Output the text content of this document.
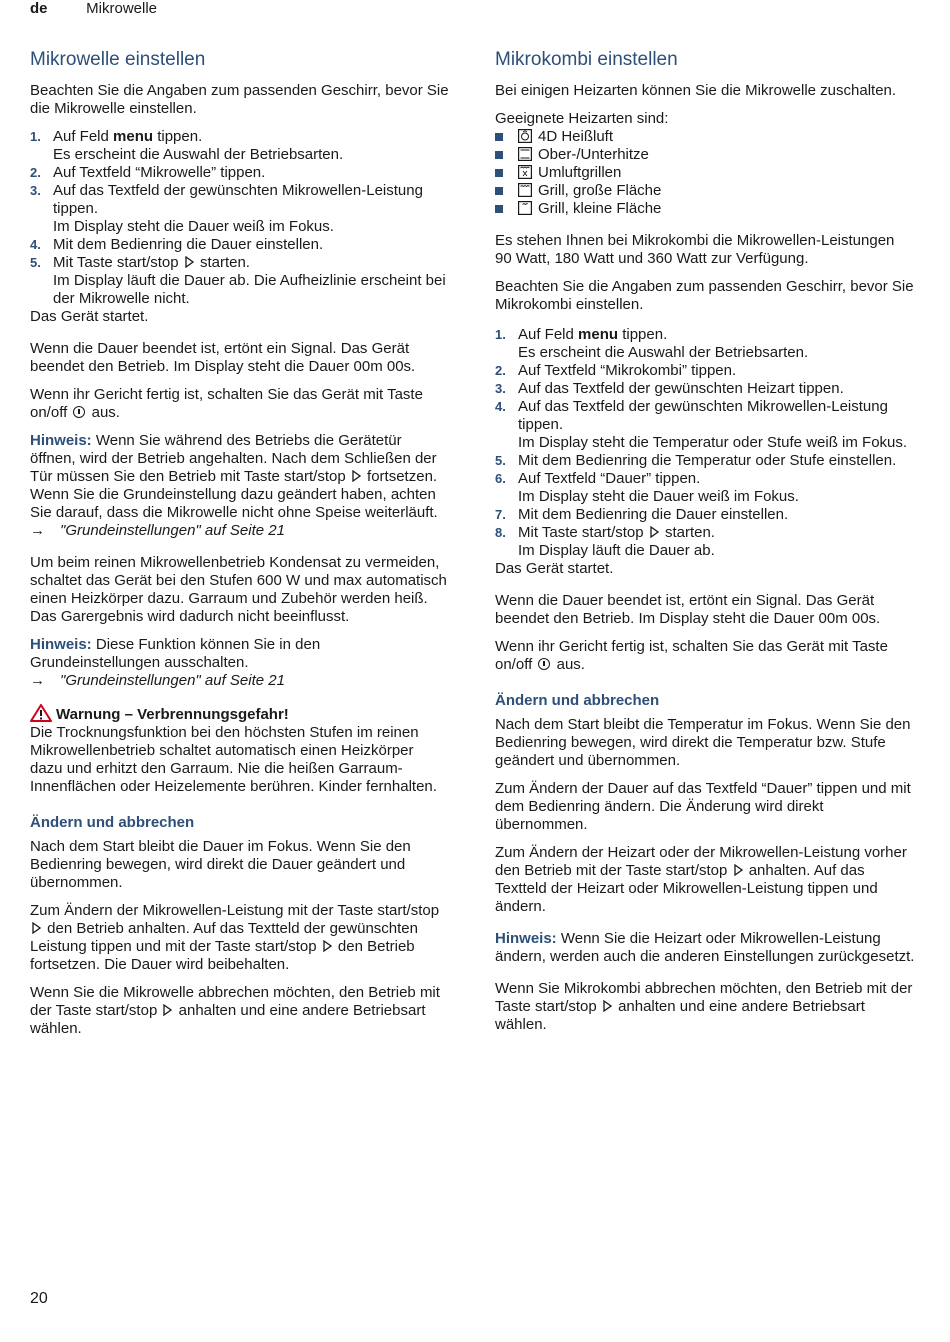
de	Mikrowelle
Mikrowelle einstellen

Beachten Sie die Angaben zum passenden Geschirr, bevor Sie die Mikrowelle einstellen.

1. Auf Feld menu tippen.
Es erscheint die Auswahl der Betriebsarten.
2. Auf Textfeld “Mikrowelle” tippen.
3. Auf das Textfeld der gewünschten Mikrowellen-Leistung tippen.
Im Display steht die Dauer weiß im Fokus.
4. Mit dem Bedienring die Dauer einstellen.
5. Mit Taste start/stop starten.
Im Display läuft die Dauer ab. Die Aufheizlinie erscheint bei der Mikrowelle nicht.

Das Gerät startet.

Wenn die Dauer beendet ist, ertönt ein Signal. Das Gerät beendet den Betrieb. Im Display steht die Dauer 00m 00s.

Wenn ihr Gericht fertig ist, schalten Sie das Gerät mit Taste on/off aus.

Hinweis: Wenn Sie während des Betriebs die Gerätetür öffnen, wird der Betrieb angehalten. Nach dem Schließen der Tür müssen Sie den Betrieb mit Taste start/stop fortsetzen.
Wenn Sie die Grundeinstellung dazu geändert haben, achten Sie darauf, dass die Mikrowelle nicht ohne Speise weiterläuft. → "Grundeinstellungen" auf Seite 21

Um beim reinen Mikrowellenbetrieb Kondensat zu vermeiden, schaltet das Gerät bei den Stufen 600 W und max automatisch einen Heizkörper dazu. Garraum und Zubehör werden heiß. Das Garergebnis wird dadurch nicht beeinflusst.

Hinweis: Diese Funktion können Sie in den Grundeinstellungen ausschalten.
→ "Grundeinstellungen" auf Seite 21

Warnung – Verbrennungsgefahr!

Die Trocknungsfunktion bei den höchsten Stufen im reinen Mikrowellenbetrieb schaltet automatisch einen Heizkörper dazu und erhitzt den Garraum. Nie die heißen Garraum-Innenflächen oder Heizelemente berühren. Kinder fernhalten.

Ändern und abbrechen

Nach dem Start bleibt die Dauer im Fokus. Wenn Sie den Bedienring bewegen, wird direkt die Dauer geändert und übernommen.

Zum Ändern der Mikrowellen-Leistung mit der Taste start/stop  den Betrieb anhalten. Auf das Textteld der gewünschten Leistung tippen und mit der Taste start/stop den Betrieb fortsetzen. Die Dauer wird beibehalten.

Wenn Sie die Mikrowelle abbrechen möchten, den Betrieb mit der Taste start/stop anhalten und eine andere Betriebsart wählen.

Mikrokombi einstellen

Bei einigen Heizarten können Sie die Mikrowelle zuschalten.

Geeignete Heizarten sind:

4D Heißluft
Ober-/Unterhitze
Umluftgrillen
Grill, große Fläche
Grill, kleine Fläche

Es stehen Ihnen bei Mikrokombi die Mikrowellen-Leistungen 90 Watt, 180 Watt und 360 Watt zur Verfügung.

Beachten Sie die Angaben zum passenden Geschirr, bevor Sie Mikrokombi einstellen.

1. Auf Feld menu tippen.
Es erscheint die Auswahl der Betriebsarten.
2. Auf Textfeld “Mikrokombi” tippen.
3. Auf das Textfeld der gewünschten Heizart tippen.
4. Auf das Textfeld der gewünschten Mikrowellen-Leistung tippen.
Im Display steht die Temperatur oder Stufe weiß im Fokus.
5. Mit dem Bedienring die Temperatur oder Stufe einstellen.
6. Auf Textfeld “Dauer” tippen.
Im Display steht die Dauer weiß im Fokus.
7. Mit dem Bedienring die Dauer einstellen.
8. Mit Taste start/stop starten.
Im Display läuft die Dauer ab.

Das Gerät startet.

Wenn die Dauer beendet ist, ertönt ein Signal. Das Gerät beendet den Betrieb. Im Display steht die Dauer 00m 00s.

Wenn ihr Gericht fertig ist, schalten Sie das Gerät mit Taste on/off aus.

Ändern und abbrechen

Nach dem Start bleibt die Temperatur im Fokus. Wenn Sie den Bedienring bewegen, wird direkt die Temperatur bzw. Stufe geändert und übernommen.

Zum Ändern der Dauer auf das Textfeld “Dauer” tippen und mit dem Bedienring ändern. Die Änderung wird direkt übernommen.

Zum Ändern der Heizart oder der Mikrowellen-Leistung vorher den Betrieb mit der Taste start/stop anhalten. Auf das Textteld der Heizart oder Mikrowellen-Leistung tippen und ändern.

Hinweis: Wenn Sie die Heizart oder Mikrowellen-Leistung ändern, werden auch die anderen Einstellungen zurückgesetzt.

Wenn Sie Mikrokombi abbrechen möchten, den Betrieb mit der Taste start/stop anhalten und eine andere Betriebsart wählen.

20
